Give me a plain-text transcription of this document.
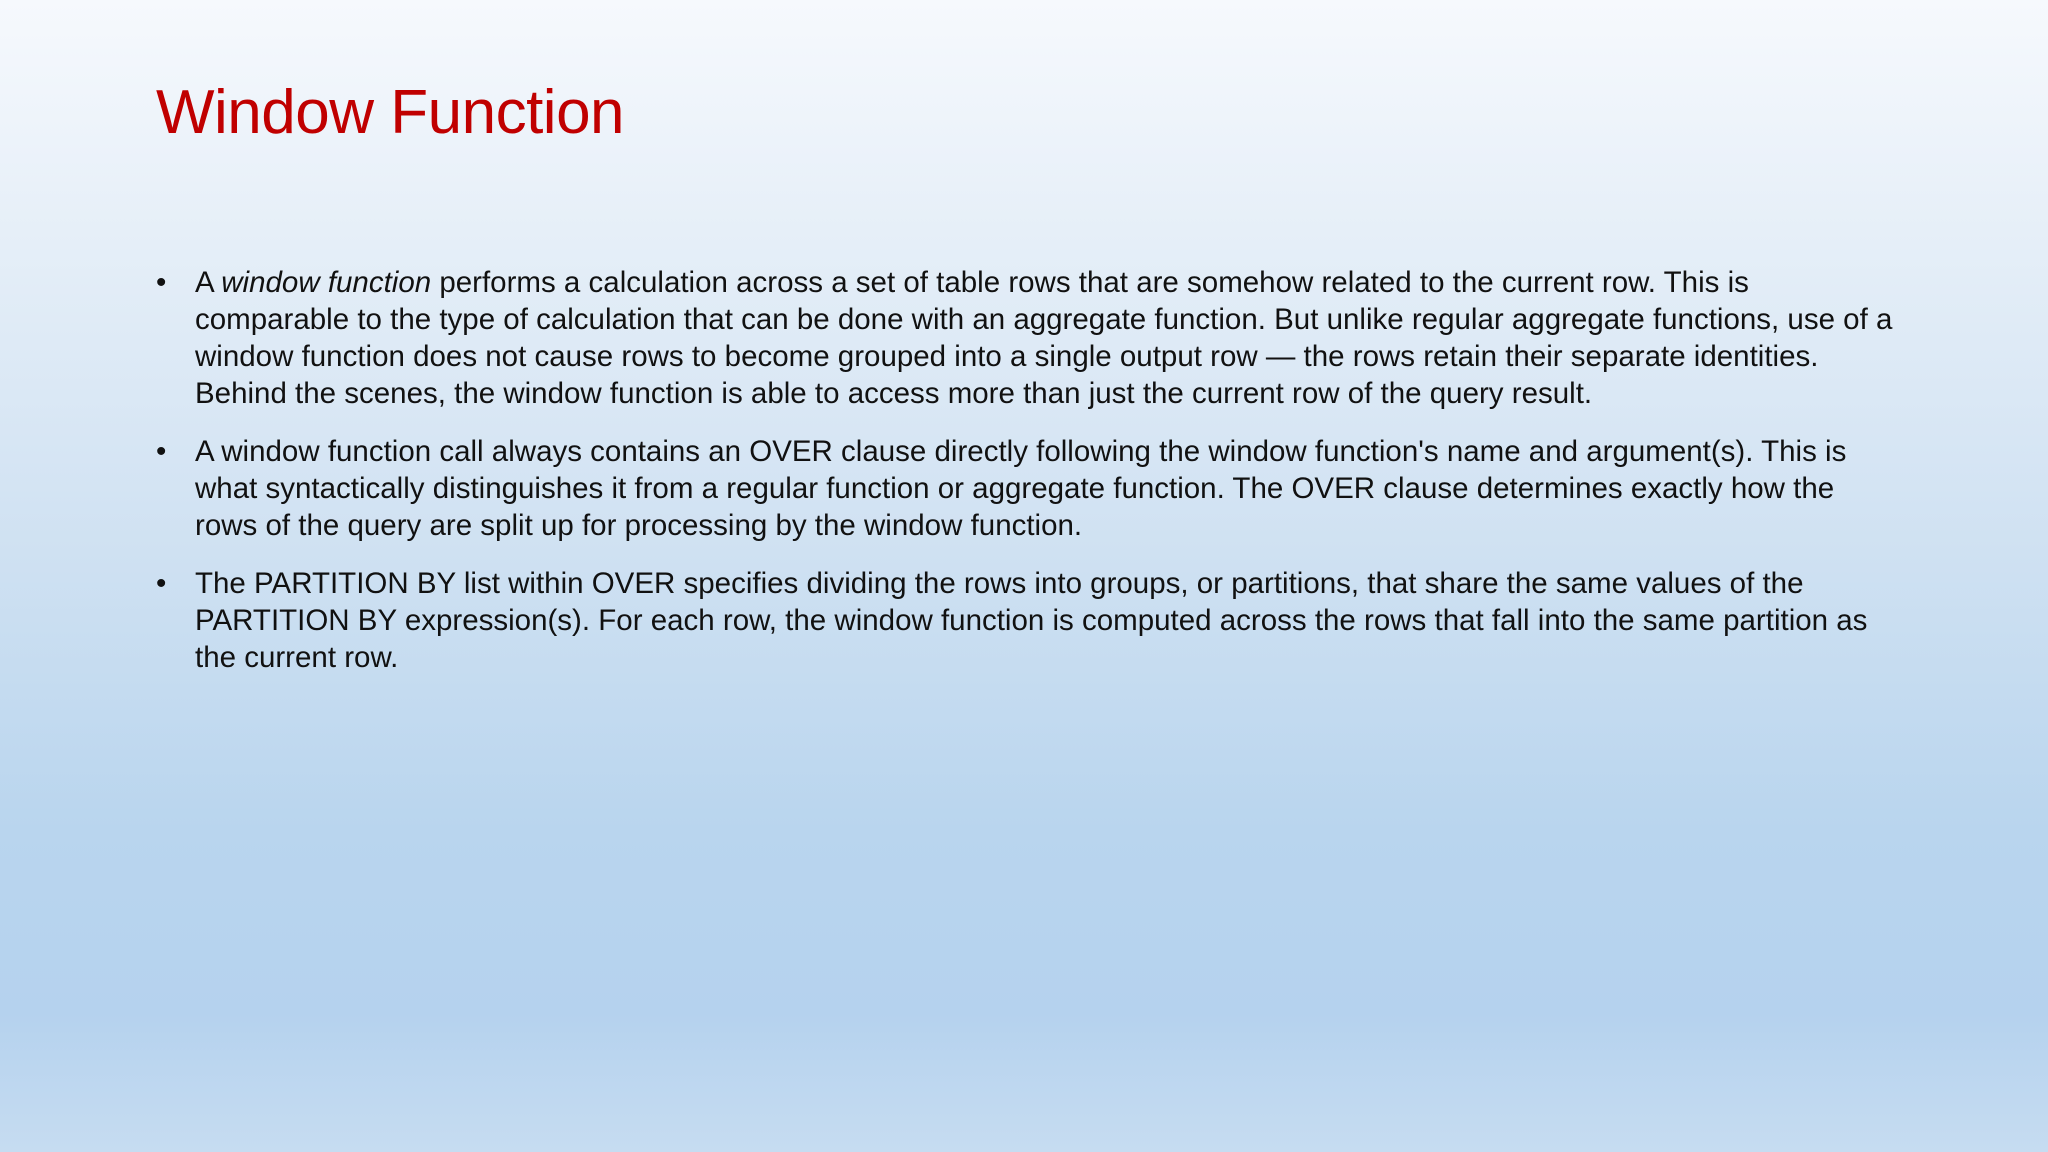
Window Function
• A window function performs a calculation across a set of table rows that are somehow related to the current row. This is comparable to the type of calculation that can be done with an aggregate function. But unlike regular aggregate functions, use of a window function does not cause rows to become grouped into a single output row — the rows retain their separate identities. Behind the scenes, the window function is able to access more than just the current row of the query result.
• A window function call always contains an OVER clause directly following the window function's name and argument(s). This is what syntactically distinguishes it from a regular function or aggregate function. The OVER clause determines exactly how the rows of the query are split up for processing by the window function.
• The PARTITION BY list within OVER specifies dividing the rows into groups, or partitions, that share the same values of the PARTITION BY expression(s). For each row, the window function is computed across the rows that fall into the same partition as the current row.
